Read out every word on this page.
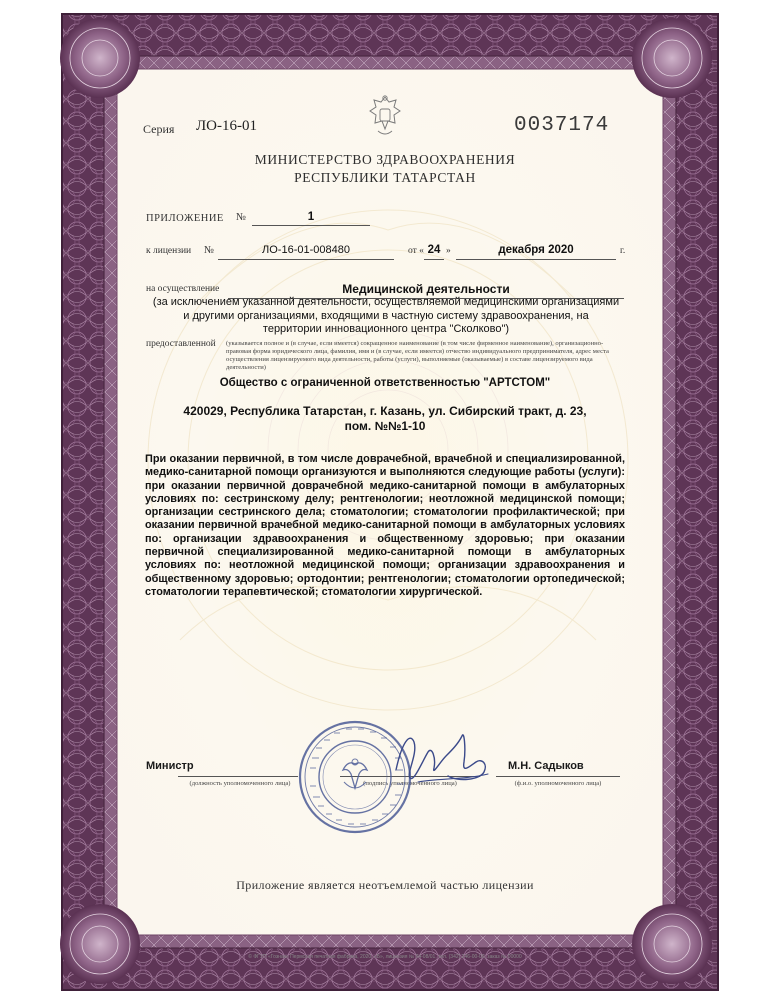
Серия ЛО-16-01	0037174
МИНИСТЕРСТВО ЗДРАВООХРАНЕНИЯ
РЕСПУБЛИКИ ТАТАРСТАН
ПРИЛОЖЕНИЕ №	1
к лицензии №	ЛО-16-01-008480	от « 24 »	декабря 2020	г.
на осуществление	Медицинской деятельности
(за исключением указанной деятельности, осуществляемой медицинскими организациями
и другими организациями, входящими в частную систему здравоохранения, на
территории инновационного центра "Сколково")
предоставленной (указывается полное и (в случае, если имеется) сокращенное наименование (в том числе фирменное наименование), организационно-правовая форма юридического лица, фамилия, имя и (в случае, если имеется) отчество индивидуального предпринимателя, адрес места осуществления лицензируемого вида деятельности, работы (услуги), выполняемые (оказываемые) в составе лицензируемого вида деятельности)
Общество с ограниченной ответственностью "АРТСТОМ"
420029, Республика Татарстан, г. Казань, ул. Сибирский тракт, д. 23,
пом. №№1-10
При оказании первичной, в том числе доврачебной, врачебной и специализированной, медико-санитарной помощи организуются и выполняются следующие работы (услуги): при оказании первичной доврачебной медико-санитарной помощи в амбулаторных условиях по: сестринскому делу; рентгенологии; неотложной медицинской помощи; организации сестринского дела; стоматологии; стоматологии профилактической; при оказании первичной врачебной медико-санитарной помощи в амбулаторных условиях по: организации здравоохранения и общественному здоровью; при оказании первичной специализированной медико-санитарной помощи в амбулаторных условиях по: неотложной медицинской помощи; организации здравоохранения и общественному здоровью; ортодонтии; рентгенологии; стоматологии ортопедической; стоматологии терапевтической; стоматологии хирургической.
Министр
(должность уполномоченного лица)	(подпись уполномоченного лица)
М.Н. Садыков
(ф.и.о. уполномоченного лица)
Приложение является неотъемлемой частью лицензии
© ФГУП «Гознак» Пермская печатная фабрика, 2020, «Б», лицензия № 04-08/01, тел. (342) 246-00-00, заказ № 00000
